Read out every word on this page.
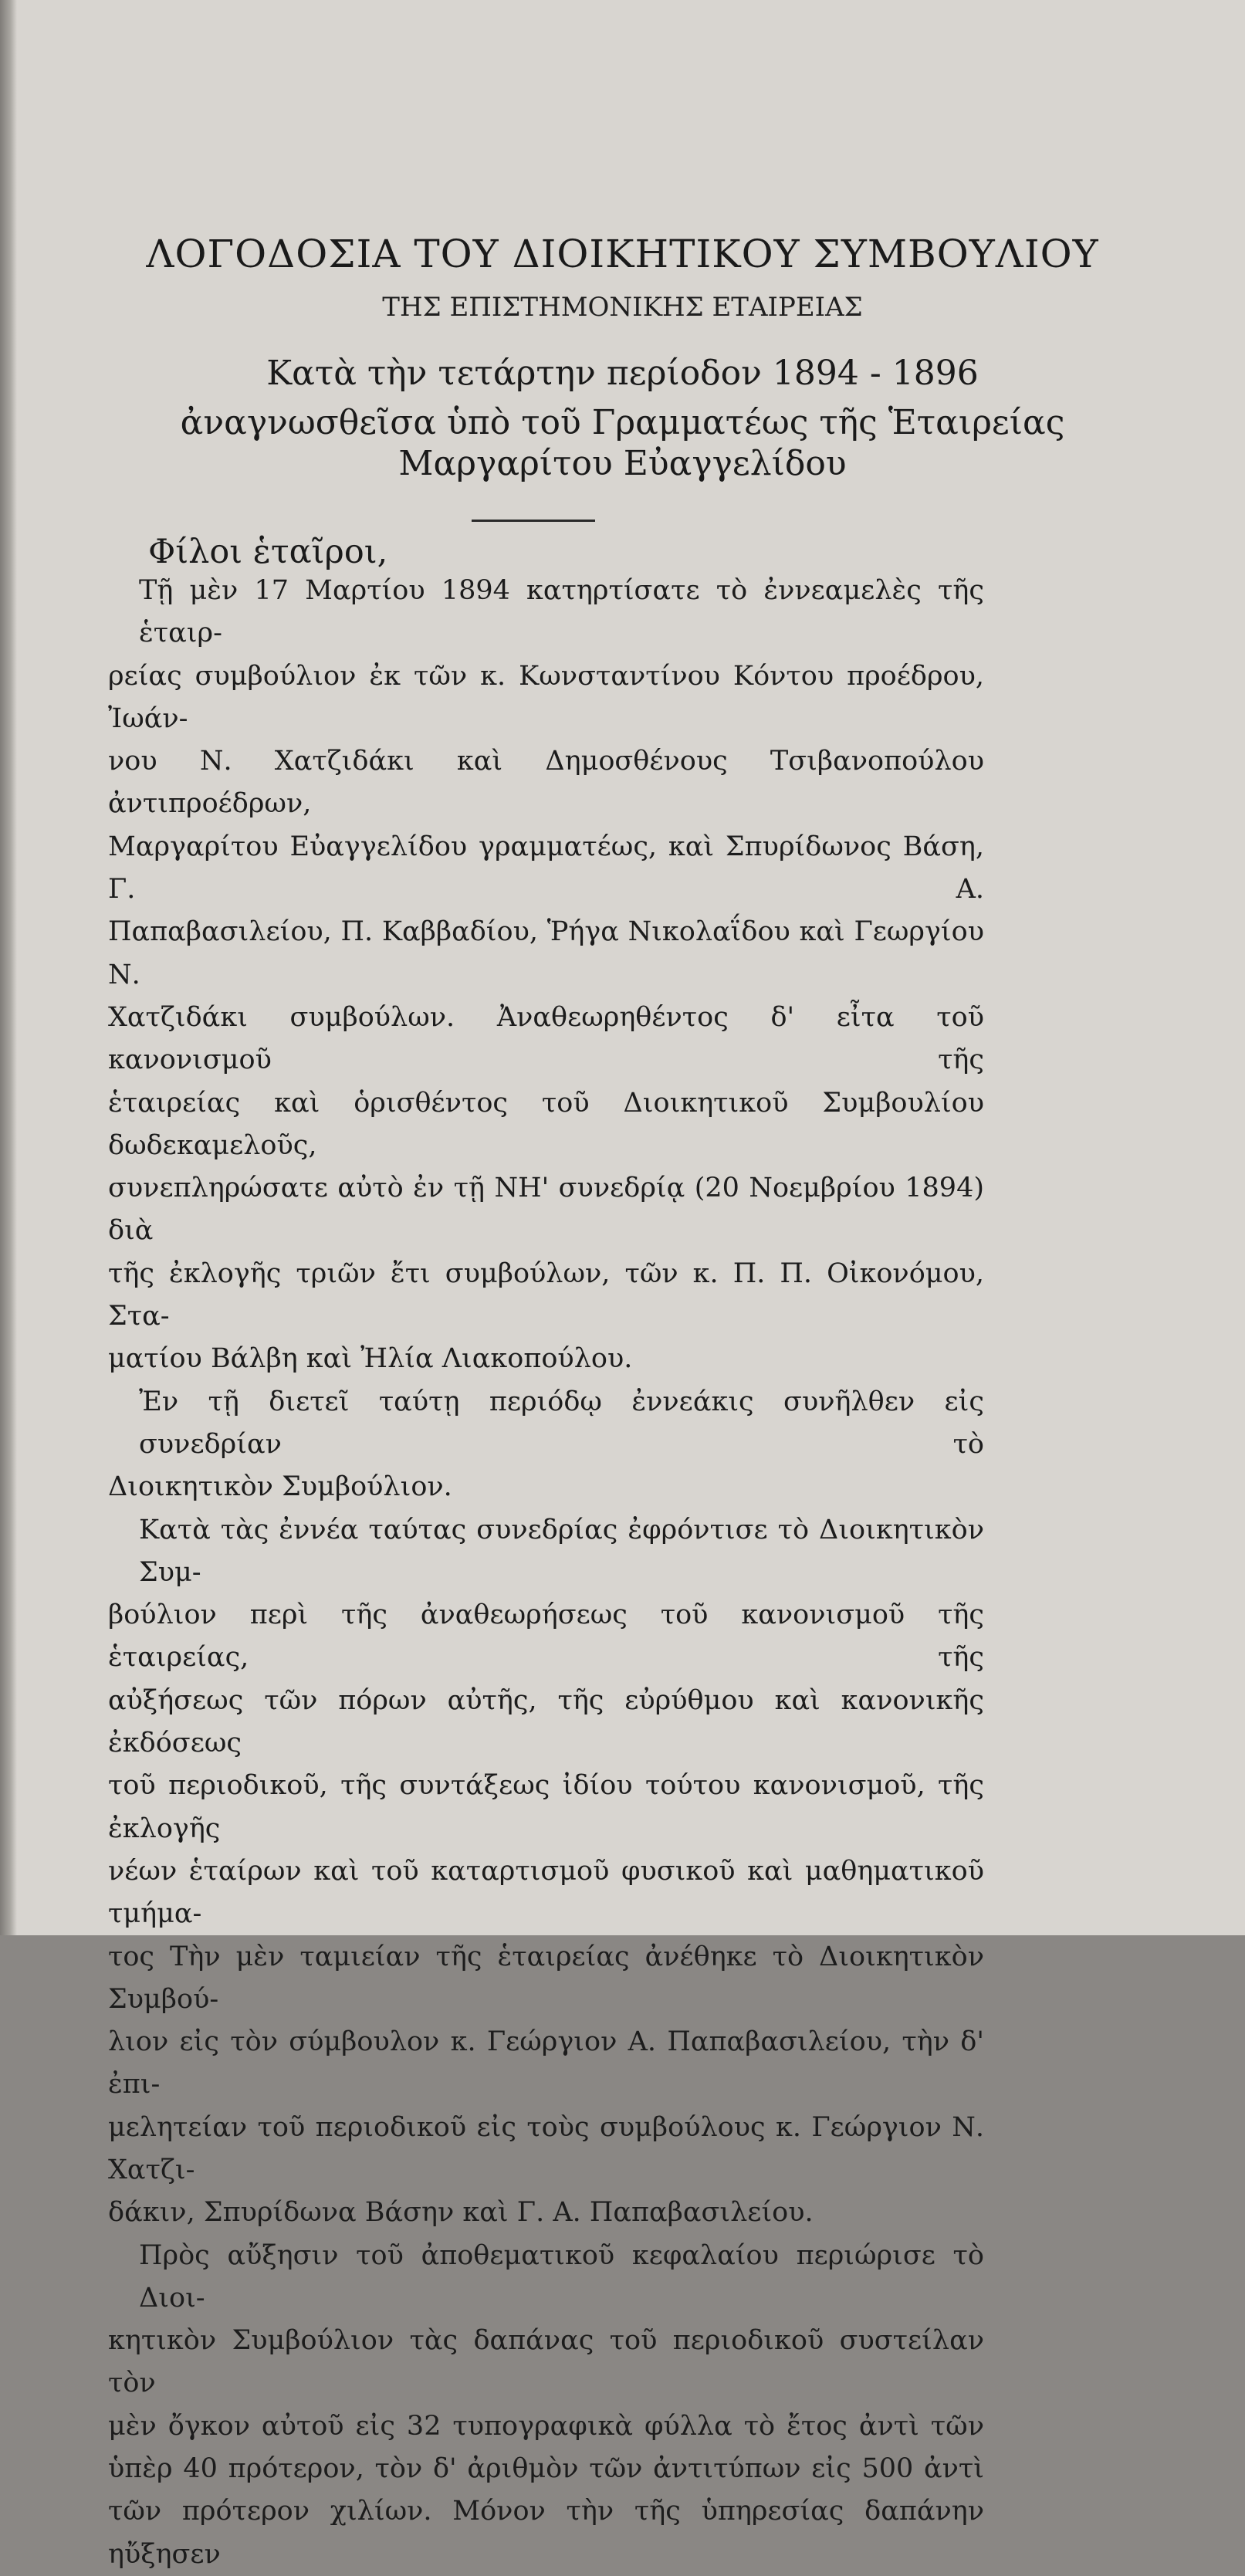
ΛΟΓΟΔΟΣΙΑ ΤΟΥ ΔΙΟΙΚΗΤΙΚΟΥ ΣΥΜΒΟΥΛΙΟΥ
ΤΗΣ ΕΠΙΣΤΗΜΟΝΙΚΗΣ ΕΤΑΙΡΕΙΑΣ
Κατὰ τὴν τετάρτην περίοδον 1894 - 1896
ἀναγνωσθεῖσα ὑπὸ τοῦ Γραμματέως τῆς Ἑταιρείας
Μαργαρίτου Εὐαγγελίδου
Φίλοι ἑταῖροι,

Τῇ μὲν 17 Μαρτίου 1894 κατηρτίσατε τὸ ἐννεαμελὲς τῆς ἑταιρ-

ρείας συμβούλιον ἐκ τῶν κ. Κωνσταντίνου Κόντου προέδρου, Ἰωάν-

νου Ν. Χατζιδάκι καὶ Δημοσθένους Τσιβανοπούλου ἀντιπροέδρων,

Μαργαρίτου Εὐαγγελίδου γραμματέως, καὶ Σπυρίδωνος Βάση, Γ. Α.

Παπαβασιλείου, Π. Καββαδίου, Ῥήγα Νικολαΐδου καὶ Γεωργίου Ν.

Χατζιδάκι συμβούλων. Ἀναθεωρηθέντος δ' εἶτα τοῦ κανονισμοῦ τῆς

ἑταιρείας καὶ ὁρισθέντος τοῦ Διοικητικοῦ Συμβουλίου δωδεκαμελοῦς,

συνεπληρώσατε αὐτὸ ἐν τῇ ΝΗ' συνεδρίᾳ (20 Νοεμβρίου 1894) διὰ

τῆς ἐκλογῆς τριῶν ἔτι συμβούλων, τῶν κ. Π. Π. Οἰκονόμου, Στα-

ματίου Βάλβη καὶ Ἠλία Λιακοπούλου.

Ἐν τῇ διετεῖ ταύτῃ περιόδῳ ἐννεάκις συνῆλθεν εἰς συνεδρίαν τὸ

Διοικητικὸν Συμβούλιον.

Κατὰ τὰς ἐννέα ταύτας συνεδρίας ἐφρόντισε τὸ Διοικητικὸν Συμ-

βούλιον περὶ τῆς ἀναθεωρήσεως τοῦ κανονισμοῦ τῆς ἑταιρείας, τῆς

αὐξήσεως τῶν πόρων αὐτῆς, τῆς εὐρύθμου καὶ κανονικῆς ἐκδόσεως

τοῦ περιοδικοῦ, τῆς συντάξεως ἰδίου τούτου κανονισμοῦ, τῆς ἐκλογῆς

νέων ἑταίρων καὶ τοῦ καταρτισμοῦ φυσικοῦ καὶ μαθηματικοῦ τμήμα-

τος Τὴν μὲν ταμιείαν τῆς ἑταιρείας ἀνέθηκε τὸ Διοικητικὸν Συμβού-

λιον εἰς τὸν σύμβουλον κ. Γεώργιον Α. Παπαβασιλείου, τὴν δ' ἐπι-

μελητείαν τοῦ περιοδικοῦ εἰς τοὺς συμβούλους κ. Γεώργιον Ν. Χατζι-

δάκιν, Σπυρίδωνα Βάσην καὶ Γ. Α. Παπαβασιλείου.

Πρὸς αὔξησιν τοῦ ἀποθεματικοῦ κεφαλαίου περιώρισε τὸ Διοι-

κητικὸν Συμβούλιον τὰς δαπάνας τοῦ περιοδικοῦ συστείλαν τὸν

μὲν ὄγκον αὐτοῦ εἰς 32 τυπογραφικὰ φύλλα τὸ ἔτος ἀντὶ τῶν

ὑπὲρ 40 πρότερον, τὸν δ' ἀριθμὸν τῶν ἀντιτύπων εἰς 500 ἀντὶ

τῶν πρότερον χιλίων. Μόνον τὴν τῆς ὑπηρεσίας δαπάνην ηὔξησεν
